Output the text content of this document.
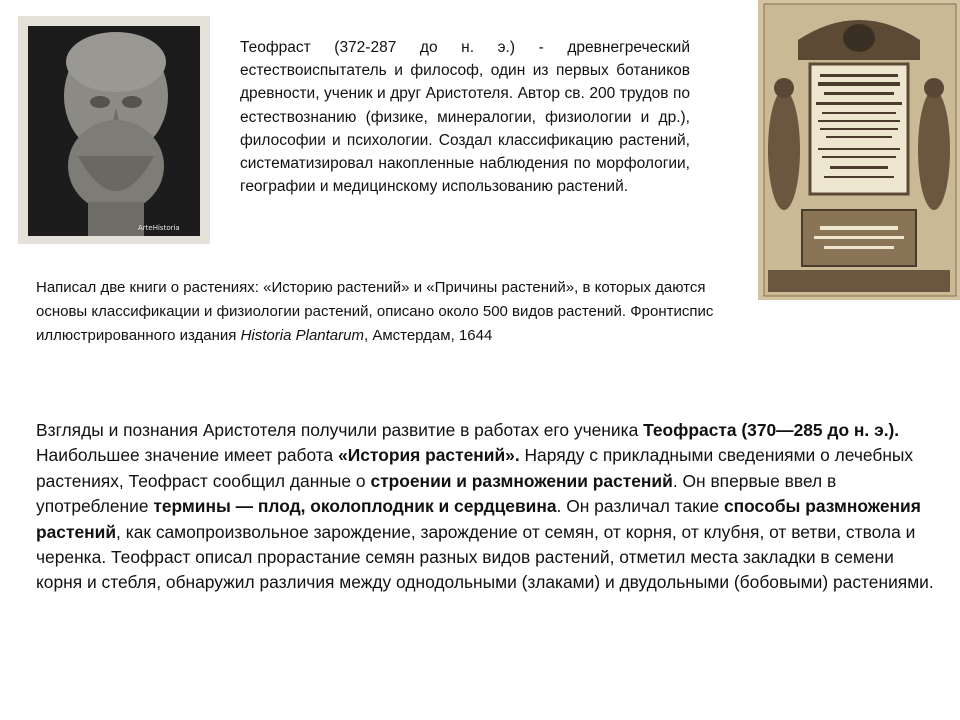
ArteHistoria

Теофраст (372-287 до н. э.) - древнегреческий естествоиспытатель и философ, один из первых ботаников древности, ученик и друг Аристотеля. Автор св. 200 трудов по естествознанию (физике, минералогии, физиологии и др.), философии и психологии. Создал классификацию растений, систематизировал накопленные наблюдения по морфологии, географии и медицинскому использованию растений.

Написал две книги о растениях: «Историю растений» и «Причины растений», в которых даются основы классификации и физиологии растений, описано около 500 видов растений. Фронтиспис иллюстрированного издания Historia Plantarum, Амстердам, 1644

Взгляды и познания Аристотеля получили развитие в работах его ученика Теофраста (370—285 до н. э.). Наибольшее значение имеет работа «История растений». Наряду с прикладными сведениями о лечебных растениях, Теофраст сообщил данные о строении и размножении растений. Он впервые ввел в употребление термины — плод, околоплодник и сердцевина. Он различал такие способы размножения растений, как самопроизвольное зарождение, зарождение от семян, от корня, от клубня, от ветви, ствола и черенка. Теофраст описал прорастание семян разных видов растений, отметил места закладки в семени корня и стебля, обнаружил различия между однодольными (злаками) и двудольными (бобовыми) растениями.
